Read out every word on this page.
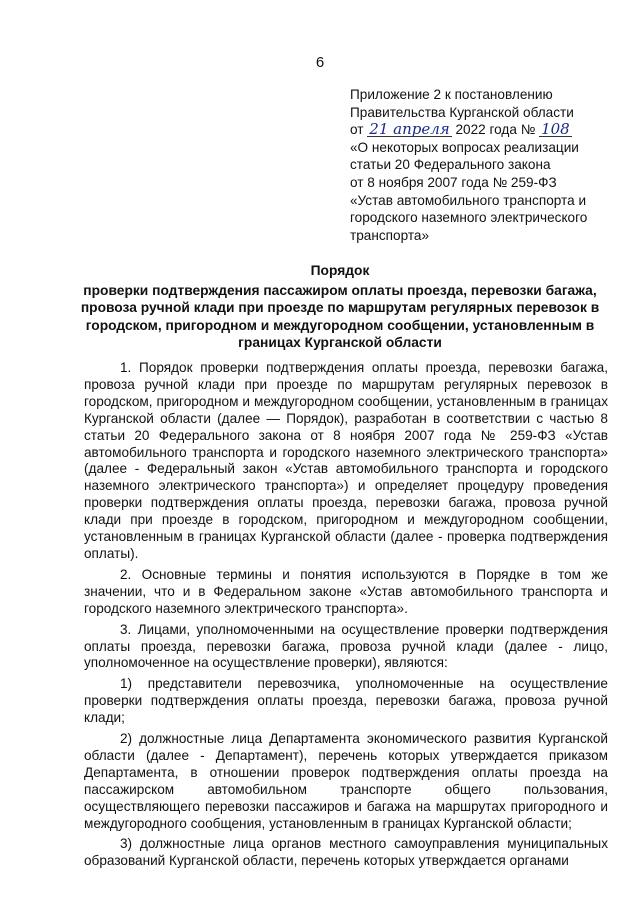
6
Приложение 2 к постановлению
Правительства Курганской области
от 21 апреля 2022 года № 108
«О некоторых вопросах реализации
статьи 20 Федерального закона
от 8 ноября 2007 года № 259-ФЗ
«Устав автомобильного транспорта и
городского наземного электрического
транспорта»
Порядок
проверки подтверждения пассажиром оплаты проезда, перевозки багажа, провоза ручной клади при проезде по маршрутам регулярных перевозок в городском, пригородном и междугородном сообщении, установленным в границах Курганской области

1. Порядок проверки подтверждения оплаты проезда, перевозки багажа, провоза ручной клади при проезде по маршрутам регулярных перевозок в городском, пригородном и междугородном сообщении, установленным в границах Курганской области (далее — Порядок), разработан в соответствии с частью 8 статьи 20 Федерального закона от 8 ноября 2007 года № 259-ФЗ «Устав автомобильного транспорта и городского наземного электрического транспорта» (далее - Федеральный закон «Устав автомобильного транспорта и городского наземного электрического транспорта») и определяет процедуру проведения проверки подтверждения оплаты проезда, перевозки багажа, провоза ручной клади при проезде в городском, пригородном и междугородном сообщении, установленным в границах Курганской области (далее - проверка подтверждения оплаты).

2. Основные термины и понятия используются в Порядке в том же значении, что и в Федеральном законе «Устав автомобильного транспорта и городского наземного электрического транспорта».

3. Лицами, уполномоченными на осуществление проверки подтверждения оплаты проезда, перевозки багажа, провоза ручной клади (далее - лицо, уполномоченное на осуществление проверки), являются:

1) представители перевозчика, уполномоченные на осуществление проверки подтверждения оплаты проезда, перевозки багажа, провоза ручной клади;

2) должностные лица Департамента экономического развития Курганской области (далее - Департамент), перечень которых утверждается приказом Департамента, в отношении проверок подтверждения оплаты проезда на пассажирском автомобильном транспорте общего пользования, осуществляющего перевозки пассажиров и багажа на маршрутах пригородного и междугородного сообщения, установленным в границах Курганской области;

3) должностные лица органов местного самоуправления муниципальных образований Курганской области, перечень которых утверждается органами
